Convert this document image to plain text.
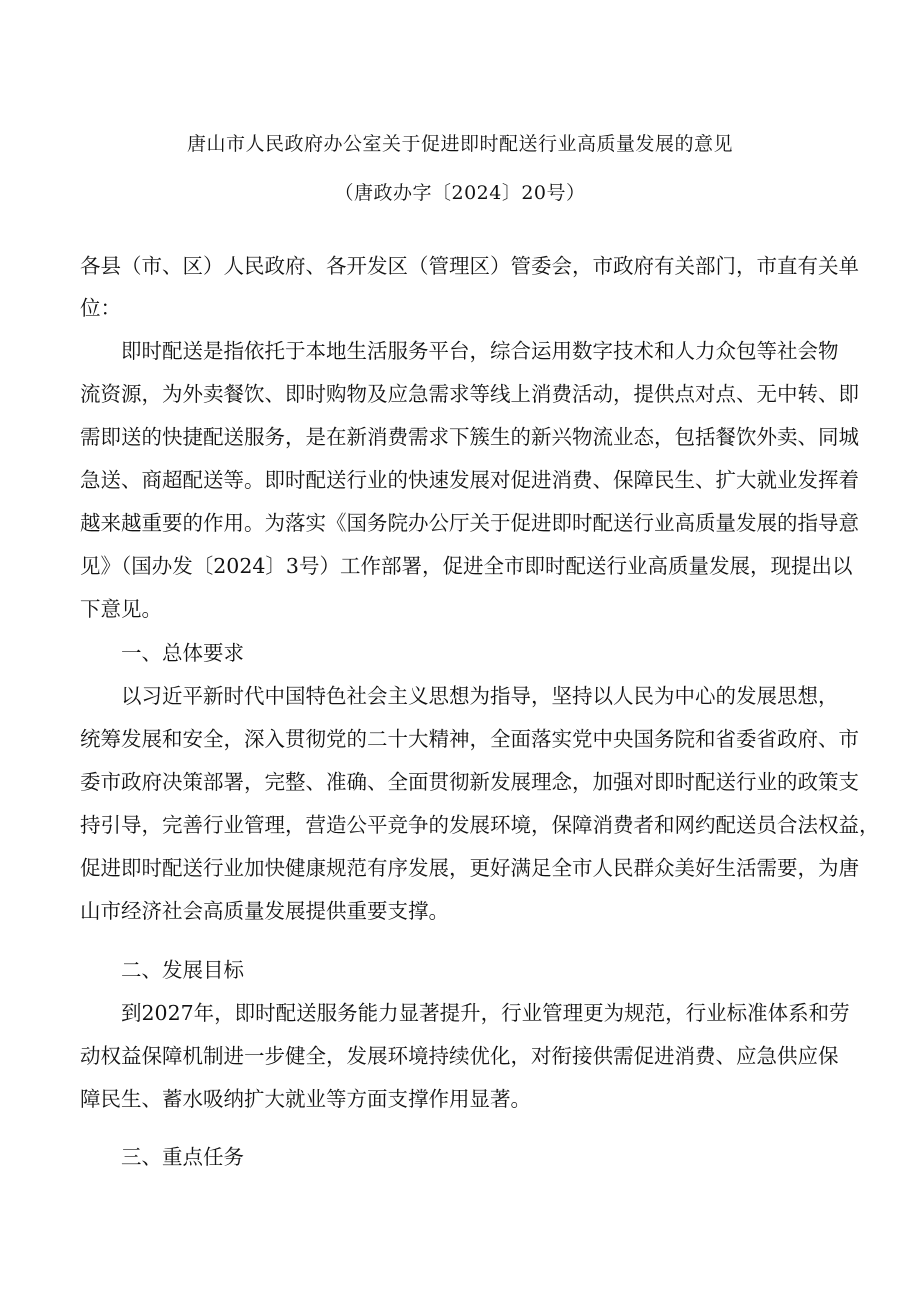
唐山市人民政府办公室关于促进即时配送行业高质量发展的意见
（唐政办字〔2024〕20号）
各县（市、区）人民政府、各开发区（管理区）管委会，市政府有关部门，市直有关单
位：
即时配送是指依托于本地生活服务平台，综合运用数字技术和人力众包等社会物
流资源，为外卖餐饮、即时购物及应急需求等线上消费活动，提供点对点、无中转、即
需即送的快捷配送服务，是在新消费需求下簇生的新兴物流业态，包括餐饮外卖、同城
急送、商超配送等。即时配送行业的快速发展对促进消费、保障民生、扩大就业发挥着
越来越重要的作用。为落实《国务院办公厅关于促进即时配送行业高质量发展的指导意
见》（国办发〔2024〕3号）工作部署，促进全市即时配送行业高质量发展，现提出以
下意见。
一、总体要求
以习近平新时代中国特色社会主义思想为指导，坚持以人民为中心的发展思想，
统筹发展和安全，深入贯彻党的二十大精神，全面落实党中央国务院和省委省政府、市
委市政府决策部署，完整、准确、全面贯彻新发展理念，加强对即时配送行业的政策支
持引导，完善行业管理，营造公平竞争的发展环境，保障消费者和网约配送员合法权益，
促进即时配送行业加快健康规范有序发展，更好满足全市人民群众美好生活需要，为唐
山市经济社会高质量发展提供重要支撑。
二、发展目标
到2027年，即时配送服务能力显著提升，行业管理更为规范，行业标准体系和劳
动权益保障机制进一步健全，发展环境持续优化，对衔接供需促进消费、应急供应保
障民生、蓄水吸纳扩大就业等方面支撑作用显著。
三、重点任务
